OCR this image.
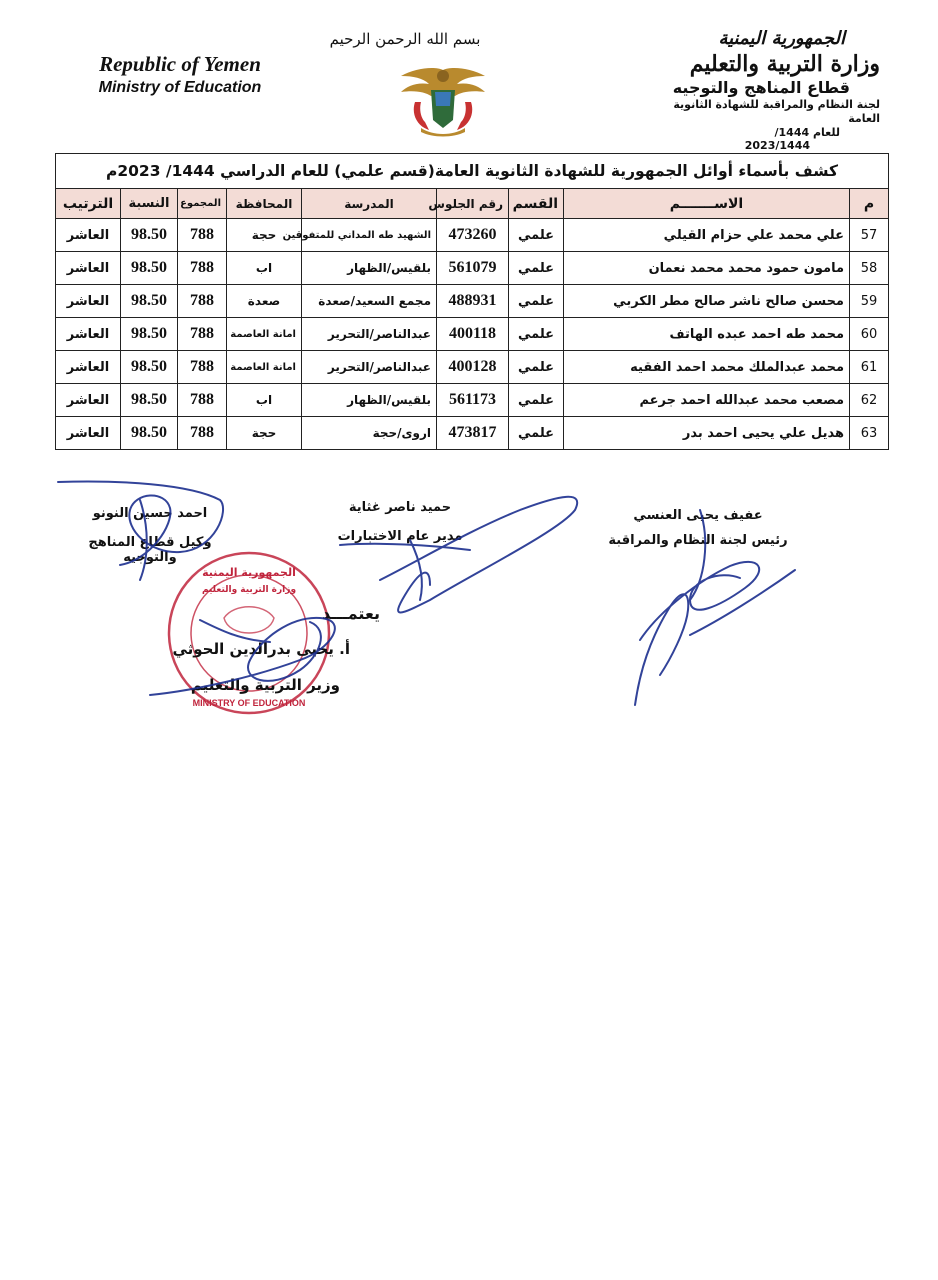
Republic of Yemen
Ministry of Education
بسم الله الرحمن الرحيم	الجمهورية اليمنية
وزارة التربية والتعليم
قطاع المناهج والتوجيه
لجنة النظام والمراقبة للشهادة الثانوية العامة
للعام 1444/
2023/1444
كشف بأسماء أوائل الجمهورية للشهادة الثانوية العامة(قسم علمي) للعام الدراسي 1444/ 2023م
م	الاســـــــم	القسم	رقم الجلوس	المدرسة	المحافظة	المجموع	النسبة	الترتيب
57	علي محمد علي حزام القيلي	علمي	473260	الشهيد طه المداني للمتفوقين	حجة	788	98.50	العاشر
58	مامون حمود محمد محمد نعمان	علمي	561079	بلقيس/الظهار	اب	788	98.50	العاشر
59	محسن صالح ناشر صالح مطر الكربي	علمي	488931	مجمع السعيد/صعدة	صعدة	788	98.50	العاشر
60	محمد طه احمد عبده الهاتف	علمي	400118	عبدالناصر/التحرير	امانة العاصمة	788	98.50	العاشر
61	محمد عبدالملك محمد احمد الفقيه	علمي	400128	عبدالناصر/التحرير	امانة العاصمة	788	98.50	العاشر
62	مصعب محمد عبدالله احمد جرعم	علمي	561173	بلقيس/الظهار	اب	788	98.50	العاشر
63	هديل علي يحيى احمد بدر	علمي	473817	اروى/حجة	حجة	788	98.50	العاشر
عفيف يحيى العنسي
رئيس لجنة النظام والمراقبة
حميد ناصر غثاية
مدير عام الاختبارات
احمد حسين النونو
وكيل قطاع المناهج والتوجيه
الجمهورية اليمنية
وزارة التربية والتعليم
MINISTRY OF EDUCATION
يعتمـــد
أ. يحيى بدرالدين الحوثي
وزير التربية والتعليم
